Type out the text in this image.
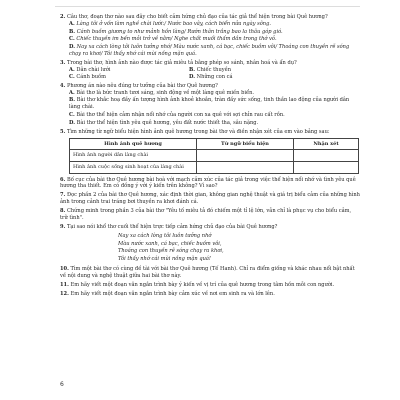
2. Câu thơ, đoạn thơ nào sau đây cho biết cảm hứng chủ đạo của tác giả thể hiện trong bài Quê hương?
A. Làng tôi ở vốn làm nghề chài lưới:/ Nước bao vây, cách biển nửa ngày sông.
B. Cánh buồm giương to như mảnh hồn làng/ Rướn thân trắng bao la thâu góp gió.
C. Chiếc thuyền im bến mỏi trở về nằm/ Nghe chất muối thấm dần trong thớ vỏ.
D. Nay xa cách lòng tôi luôn tưởng nhớ/ Màu nước xanh, cá bạc, chiếc buồm vôi/ Thoáng con thuyền rẽ sóng chạy ra khơi/ Tôi thấy nhớ cái mùi nồng mặn quá.
3. Trong bài thơ, hình ảnh nào được tác giả miêu tả bằng phép so sánh, nhân hoá và ẩn dụ?
A. Dân chài lưới	B. Chiếc thuyền
C. Cánh buồm	D. Những con cá
4. Phương án nào nêu đúng tư tưởng của bài thơ Quê hương?
A. Bài thơ là bức tranh tươi sáng, sinh động về một làng quê miền biển.
B. Bài thơ khắc hoạ đầy ấn tượng hình ảnh khoẻ khoắn, tràn đầy sức sống, tinh thần lao động của người dân làng chài.
C. Bài thơ thể hiện cảm nhận nổi nhớ của người con xa quê với sợi chỉn rau cất rồn.
D. Bài thơ thể hiện tình yêu quê hương, yêu đất nước thiết tha, sâu nặng.
5. Tìm những từ ngữ biểu hiện hình ảnh quê hương trong bài thơ và điền nhận xét của em vào bảng sau:
Hình ảnh quê hương	Từ ngữ biểu hiện	Nhận xét
Hình ảnh người dân làng chài		
Hình ảnh cuộc sống sinh hoạt của làng chài		
6. Bố cục của bài thơ Quê hương bài hoà với mạch cảm xúc của tác giả trong việc thể hiện nổi nhớ và tình yêu quê hương tha thiết. Em có đồng ý với ý kiến trên không? Vì sao?
7. Đọc phần 2 của bài thơ Quê hương, xác định thời gian, không gian nghệ thuật và giá trị biểu cảm của những hình ảnh trong cảnh trai tráng bơi thuyền ra khơi đánh cá.
8. Chứng minh trong phần 3 của bài thơ "Yêu tố miêu tả đó chiếm một tỉ lệ lớn, vẫn chỉ là phục vụ cho biểu cảm, trữ tình".
9. Tại sao nói khổ thơ cuối thể hiện trực tiếp cảm hứng chủ đạo của bài Quê hương?
Nay xa cách lòng tôi luôn tưởng nhớ
Màu nước xanh, cá bạc, chiếc buồm vôi,
Thoáng con thuyền rẽ sóng chạy ra khơi,
Tôi thấy nhớ cái mùi nồng mặn quá!
10. Tìm một bài thơ có cùng đề tài với bài thơ Quê hương (Tế Hanh). Chỉ ra điểm giống và khác nhau nổi bật nhất về nội dung và nghệ thuật giữa hai bài thơ này.
11. Em hãy viết một đoạn văn ngắn trình bày ý kiến về vị trí của quê hương trong tâm hồn mỗi con người.
12. Em hãy viết một đoạn văn ngắn trình bày cảm xúc về nơi em sinh ra và lớn lên.
6
